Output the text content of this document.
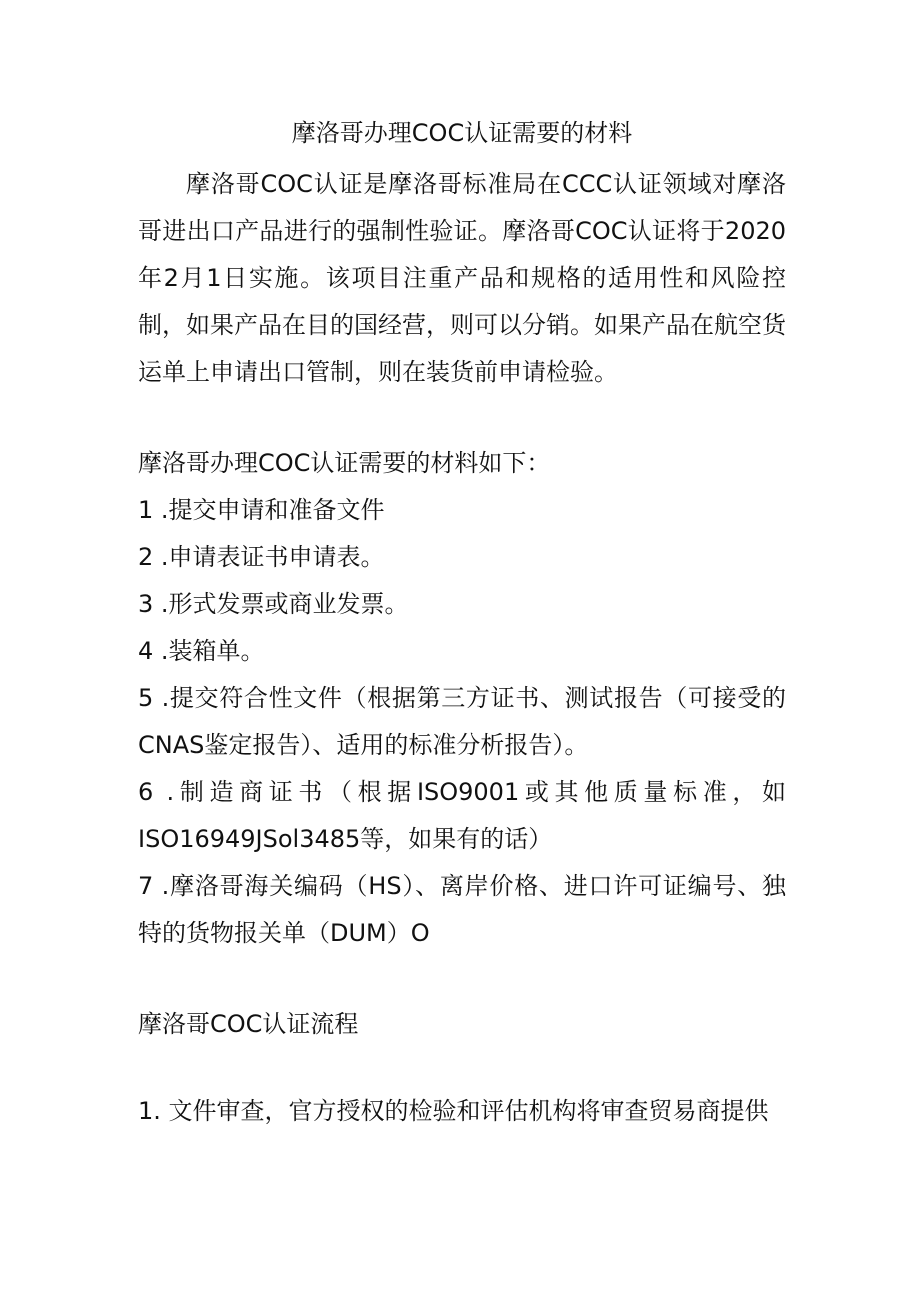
摩洛哥办理COC认证需要的材料

摩洛哥COC认证是摩洛哥标准局在CCC认证领域对摩洛哥进出口产品进行的强制性验证。摩洛哥COC认证将于2020年2月1日实施。该项目注重产品和规格的适用性和风险控制，如果产品在目的国经营，则可以分销。如果产品在航空货运单上申请出口管制，则在装货前申请检验。

摩洛哥办理COC认证需要的材料如下：

1 .提交申请和准备文件
2 .申请表证书申请表。
3 .形式发票或商业发票。
4 .装箱单。
5 .提交符合性文件（根据第三方证书、测试报告（可接受的CNAS鉴定报告）、适用的标准分析报告）。
6 .制造商证书（根据ISO9001或其他质量标准，如ISO16949JSol3485等，如果有的话）
7 .摩洛哥海关编码（HS）、离岸价格、进口许可证编号、独特的货物报关单（DUM）O

摩洛哥COC认证流程

1. 文件审查，官方授权的检验和评估机构将审查贸易商提供
